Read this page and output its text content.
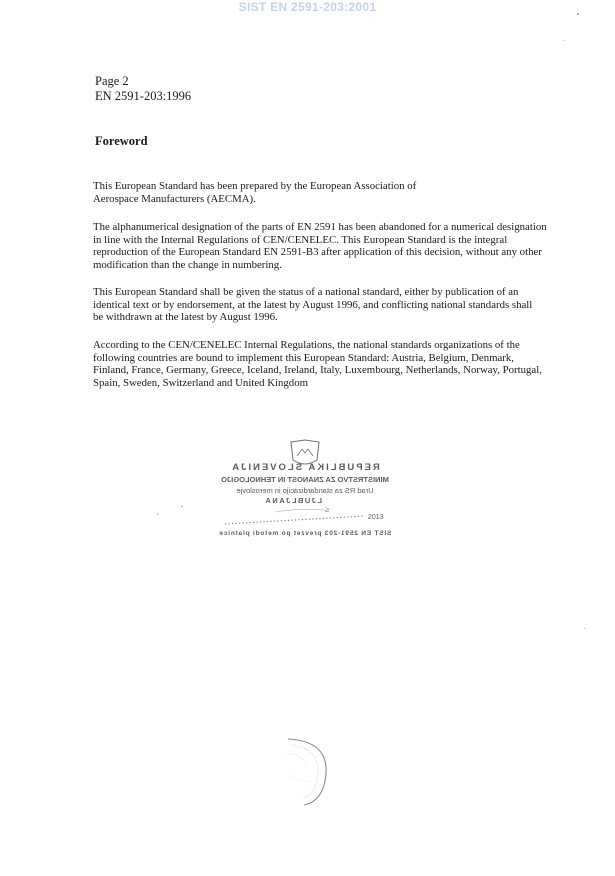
SIST EN 2591-203:2001
Page 2
EN 2591-203:1996
Foreword
This European Standard has been prepared by the European Association of Aerospace Manufacturers (AECMA).
The alphanumerical designation of the parts of EN 2591 has been abandoned for a numerical designation in line with the Internal Regulations of CEN/CENELEC. This European Standard is the integral reproduction of the European Standard EN 2591-B3 after application of this decision, without any other modification than the change in numbering.
This European Standard shall be given the status of a national standard, either by publication of an identical text or by endorsement, at the latest by August 1996, and conflicting national standards shall be withdrawn at the latest by August 1996.
According to the CEN/CENELEC Internal Regulations, the national standards organizations of the following countries are bound to implement this European Standard: Austria, Belgium, Denmark, Finland, France, Germany, Greece, Iceland, Ireland, Italy, Luxembourg, Netherlands, Norway, Portugal, Spain, Sweden, Switzerland and United Kingdom
REPUBLIKA SLOVENIJA
MINISTRSTVO ZA ZNANOST IN TEHNOLOGIJO
Urad RS za standardizacijo in meroslovje
LJUBLJANA
SIST EN 2591-203 prevzet po metodi platnice
2013
≥
